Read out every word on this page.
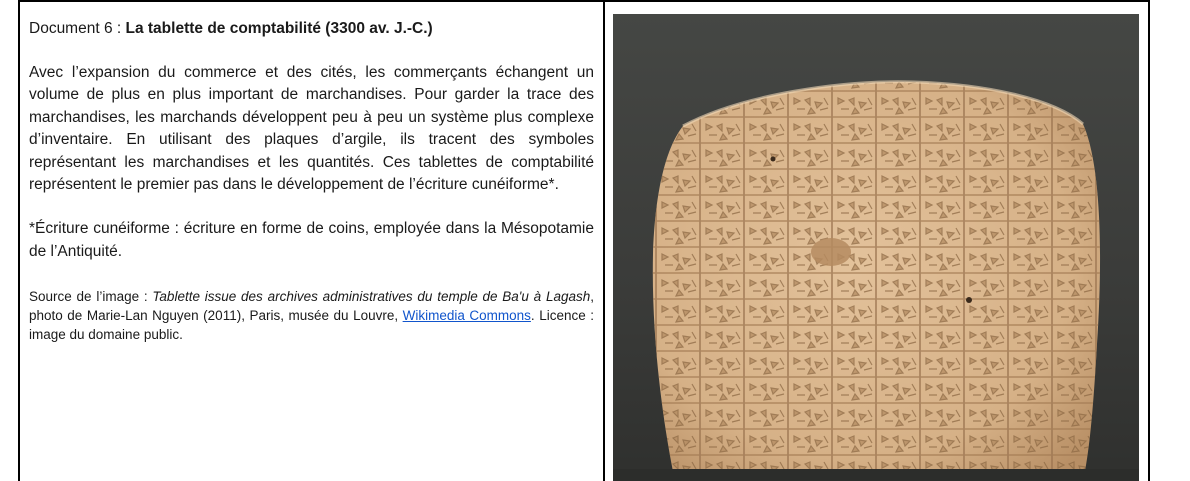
Document 6 : La tablette de comptabilité (3300 av. J.-C.)
Avec l’expansion du commerce et des cités, les commerçants échangent un volume de plus en plus important de marchandises. Pour garder la trace des marchandises, les marchands développent peu à peu un système plus complexe d’inventaire. En utilisant des plaques d’argile, ils tracent des symboles représentant les marchandises et les quantités. Ces tablettes de comptabilité représentent le premier pas dans le développement de l’écriture cunéiforme*.
*Écriture cunéiforme : écriture en forme de coins, employée dans la Mésopotamie de l’Antiquité.
Source de l’image : Tablette issue des archives administratives du temple de Ba'u à Lagash, photo de Marie-Lan Nguyen (2011), Paris, musée du Louvre, Wikimedia Commons. Licence : image du domaine public.
